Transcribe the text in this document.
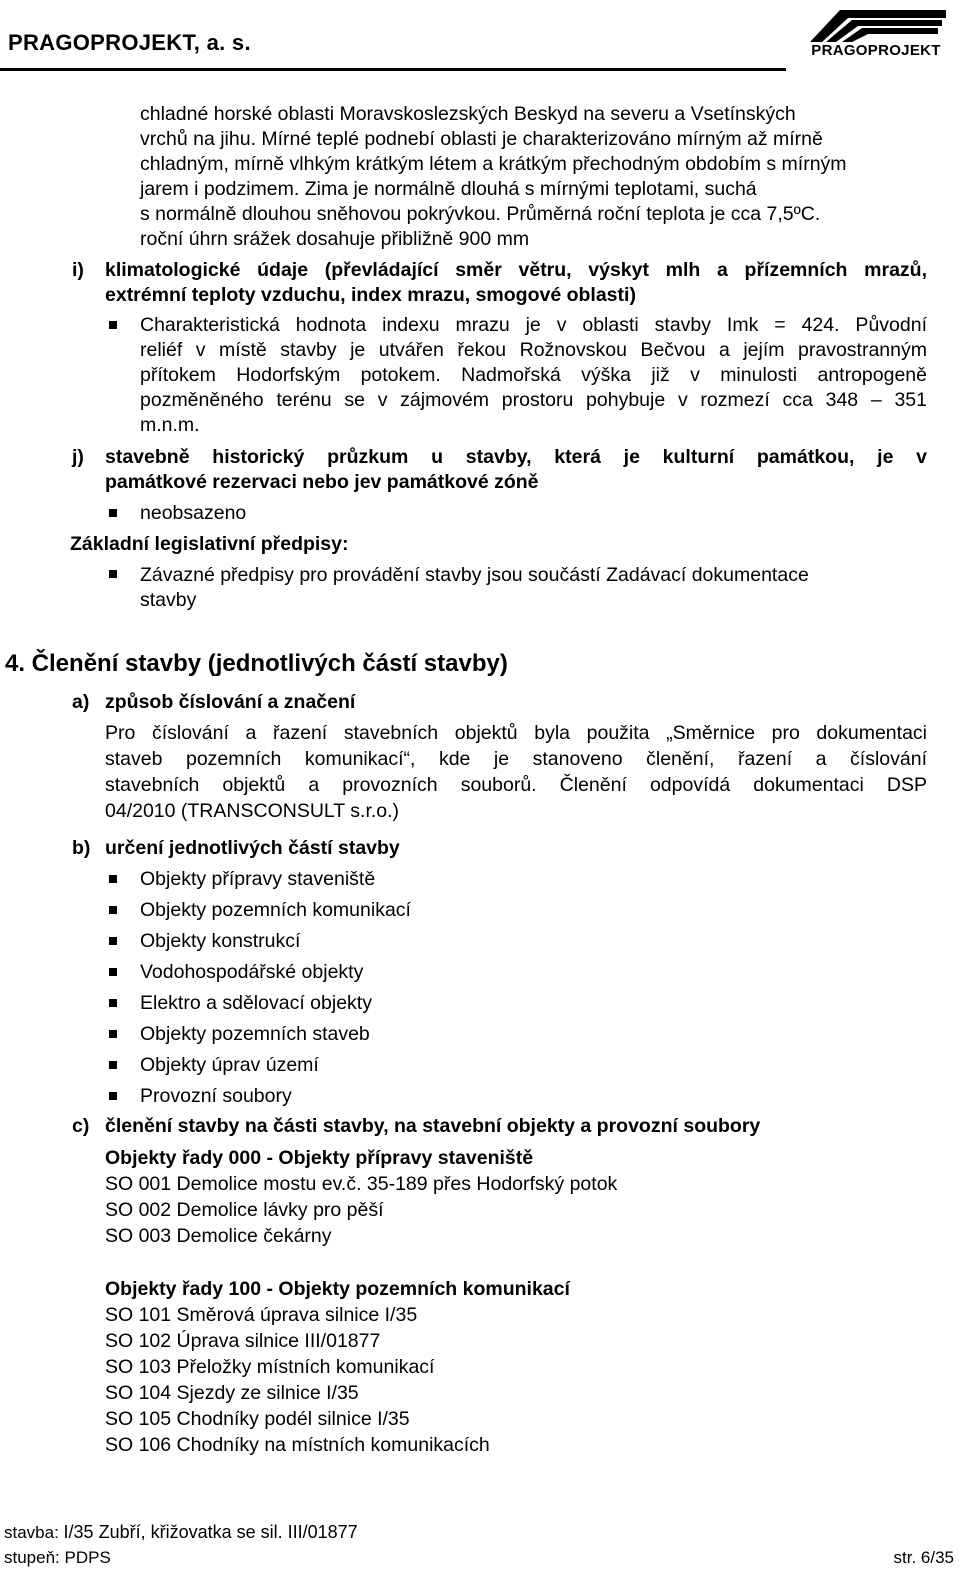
PRAGOPROJEKT, a. s.	PRAGOPROJEKT
chladné horské oblasti Moravskoslezských Beskyd na severu a Vsetínských
vrchů na jihu. Mírné teplé podnebí oblasti je charakterizováno mírným až mírně
chladným, mírně vlhkým krátkým létem a krátkým přechodným obdobím s mírným
jarem i podzimem. Zima je normálně dlouhá s mírnými teplotami, suchá
s normálně dlouhou sněhovou pokrývkou. Průměrná roční teplota je cca 7,5ºC.
roční úhrn srážek dosahuje přibližně 900 mm
i) klimatologické údaje (převládající směr větru, výskyt mlh a přízemních mrazů,
extrémní teploty vzduchu, index mrazu, smogové oblasti)
Charakteristická hodnota indexu mrazu je v oblasti stavby Imk = 424. Původní
reliéf v místě stavby je utvářen řekou Rožnovskou Bečvou a jejím pravostranným
přítokem Hodorfským potokem. Nadmořská výška již v minulosti antropogeně
pozměněného terénu se v zájmovém prostoru pohybuje v rozmezí cca 348 – 351
m.n.m.
j) stavebně historický průzkum u stavby, která je kulturní památkou, je v
památkové rezervaci nebo jev památkové zóně
neobsazeno
Základní legislativní předpisy:
Závazné předpisy pro provádění stavby jsou součástí Zadávací dokumentace
stavby
4. Členění stavby (jednotlivých částí stavby)
a) způsob číslování a značení
Pro číslování a řazení stavebních objektů byla použita „Směrnice pro dokumentaci
staveb pozemních komunikací“, kde je stanoveno členění, řazení a číslování
stavebních objektů a provozních souborů. Členění odpovídá dokumentaci DSP
04/2010 (TRANSCONSULT s.r.o.)
b) určení jednotlivých částí stavby
Objekty přípravy staveniště
Objekty pozemních komunikací
Objekty konstrukcí
Vodohospodářské objekty
Elektro a sdělovací objekty
Objekty pozemních staveb
Objekty úprav území
Provozní soubory
c) členění stavby na části stavby, na stavební objekty a provozní soubory
Objekty řady 000 - Objekty přípravy staveniště
SO 001 Demolice mostu ev.č. 35-189 přes Hodorfský potok
SO 002 Demolice lávky pro pěší
SO 003 Demolice čekárny
Objekty řady 100 - Objekty pozemních komunikací
SO 101 Směrová úprava silnice I/35
SO 102 Úprava silnice III/01877
SO 103 Přeložky místních komunikací
SO 104 Sjezdy ze silnice I/35
SO 105 Chodníky podél silnice I/35
SO 106 Chodníky na místních komunikacích
stavba: I/35 Zubří, křižovatka se sil. III/01877
stupeň: PDPS	str. 6/35
